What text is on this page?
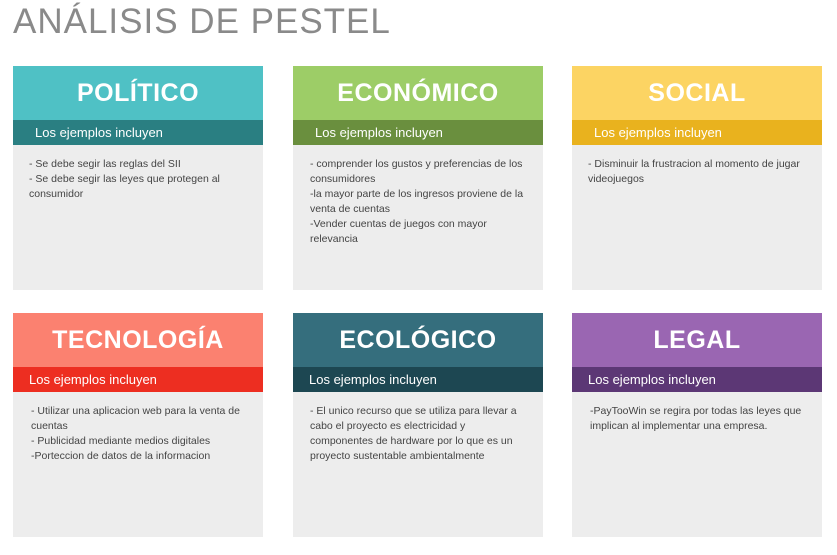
ANÁLISIS DE PESTEL
POLÍTICO
Los ejemplos incluyen
- Se debe segir las reglas del SII
- Se debe segir las leyes que protegen al consumidor
ECONÓMICO
Los ejemplos incluyen
- comprender los gustos y preferencias de los consumidores
-la mayor parte de los ingresos proviene de la venta de cuentas
-Vender cuentas de juegos con mayor relevancia
SOCIAL
Los ejemplos incluyen
- Disminuir la frustracion al momento de jugar videojuegos
TECNOLOGÍA
Los ejemplos incluyen
- Utilizar una aplicacion web para la venta de cuentas
- Publicidad mediante medios digitales
-Porteccion de datos de la informacion
ECOLÓGICO
Los ejemplos incluyen
- El unico recurso que se utiliza para llevar a cabo el proyecto es electricidad y componentes de hardware por lo que es un proyecto sustentable ambientalmente
LEGAL
Los ejemplos incluyen
-PayTooWin se regira por todas las leyes que implican al implementar una empresa.
